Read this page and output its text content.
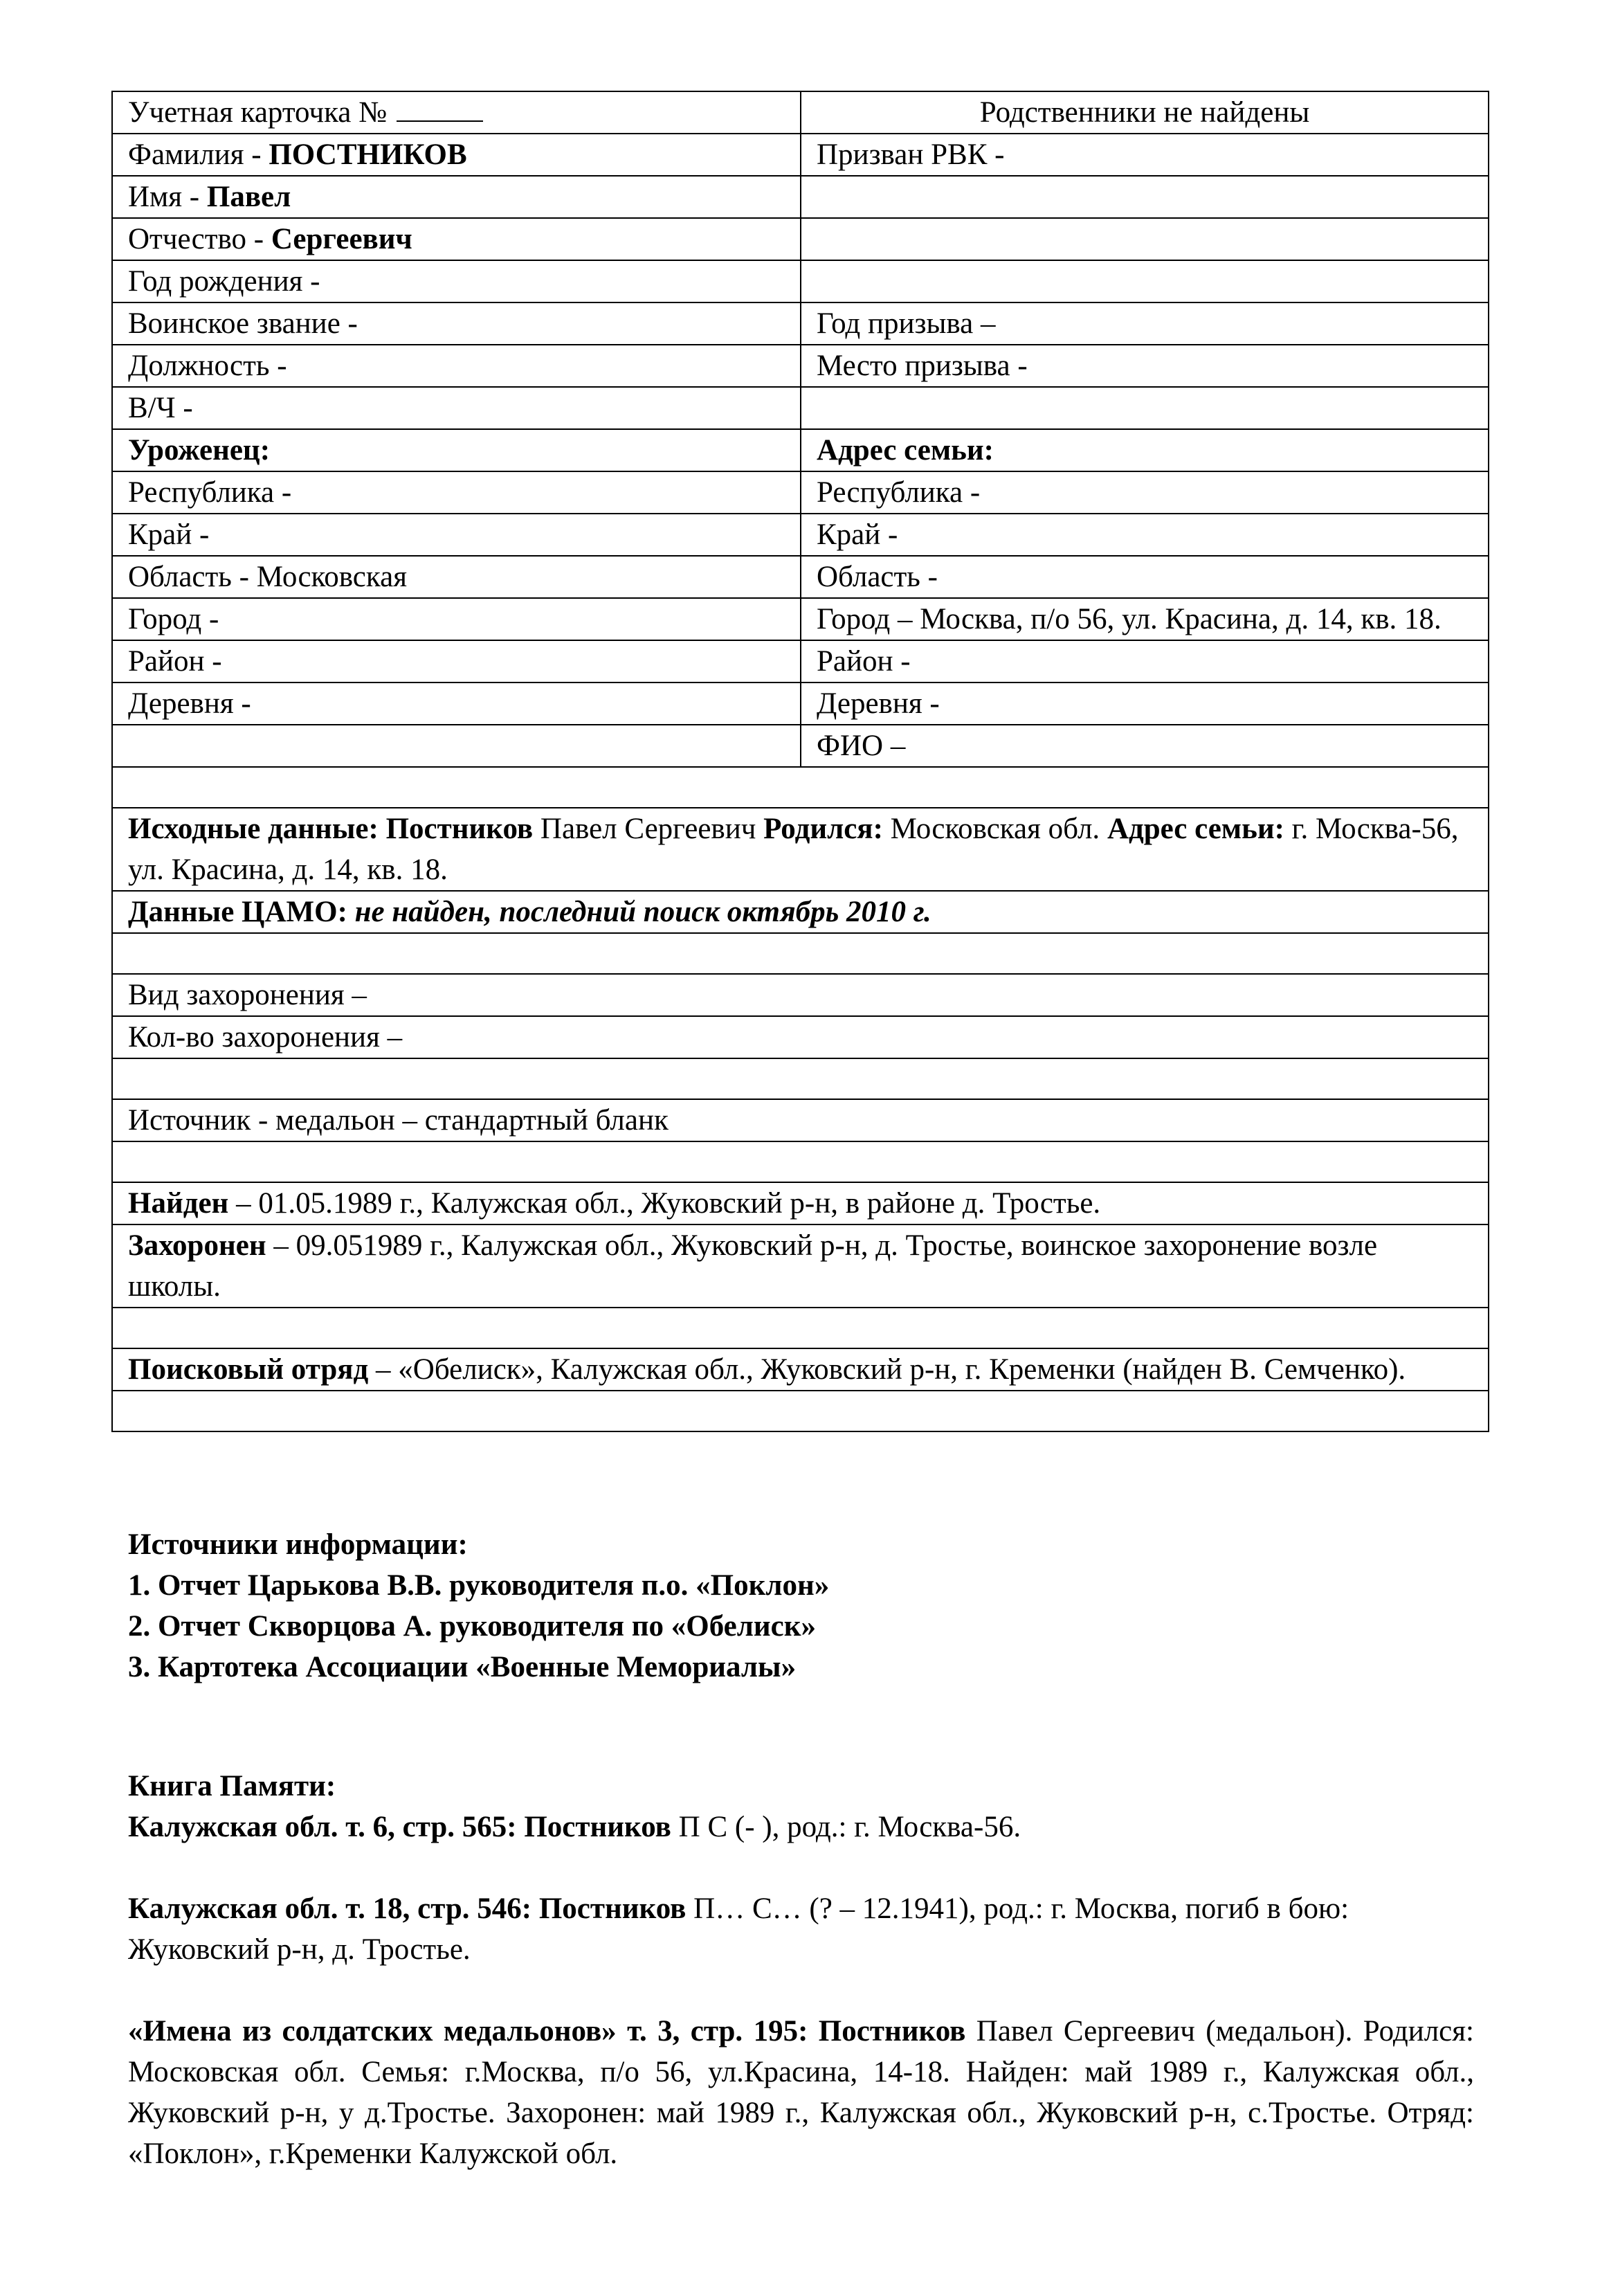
Учетная карточка №	Родственники не найдены
Фамилия - ПОСТНИКОВ	Призван РВК -
Имя - Павел	
Отчество - Сергеевич	
Год рождения -	
Воинское звание -	Год призыва –
Должность -	Место призыва -
В/Ч -	
Уроженец:	Адрес семьи:
Республика -	Республика -
Край -	Край -
Область - Московская	Область -
Город -	Город – Москва, п/о 56, ул. Красина, д. 14, кв. 18.
Район -	Район -
Деревня -	Деревня -
	ФИО –

Исходные данные: Постников Павел Сергеевич Родился: Московская обл. Адрес семьи: г. Москва-56, ул. Красина, д. 14, кв. 18.	
Данные ЦАМО: не найден, последний поиск октябрь 2010 г.	

Вид захоронения –	
Кол-во захоронения –	

Источник - медальон – стандартный бланк	

Найден – 01.05.1989 г., Калужская обл., Жуковский р-н, в районе д. Тростье.	
Захоронен – 09.051989 г., Калужская обл., Жуковский р-н, д. Тростье, воинское захоронение возле школы.	

Поисковый отряд – «Обелиск», Калужская обл., Жуковский р-н, г. Кременки (найден В. Семченко).	

Источники информации:
1. Отчет Царькова В.В. руководителя п.о. «Поклон»
2. Отчет Скворцова А. руководителя по «Обелиск»
3. Картотека Ассоциации «Военные Мемориалы»

Книга Памяти:

Калужская обл. т. 6, стр. 565: Постников П С (- ), род.: г. Москва-56.

Калужская обл. т. 18, стр. 546: Постников П… С… (? – 12.1941), род.: г. Москва, погиб в бою: Жуковский р-н, д. Тростье.

«Имена из солдатских медальонов» т. 3, стр. 195: Постников Павел Сергеевич (медальон). Родился: Московская обл. Семья: г.Москва, п/о 56, ул.Красина, 14-18. Найден: май 1989 г., Калужская обл., Жуковский р-н, у д.Тростье. Захоронен: май 1989 г., Калужская обл., Жуковский р-н, с.Тростье. Отряд: «Поклон», г.Кременки Калужской обл.
